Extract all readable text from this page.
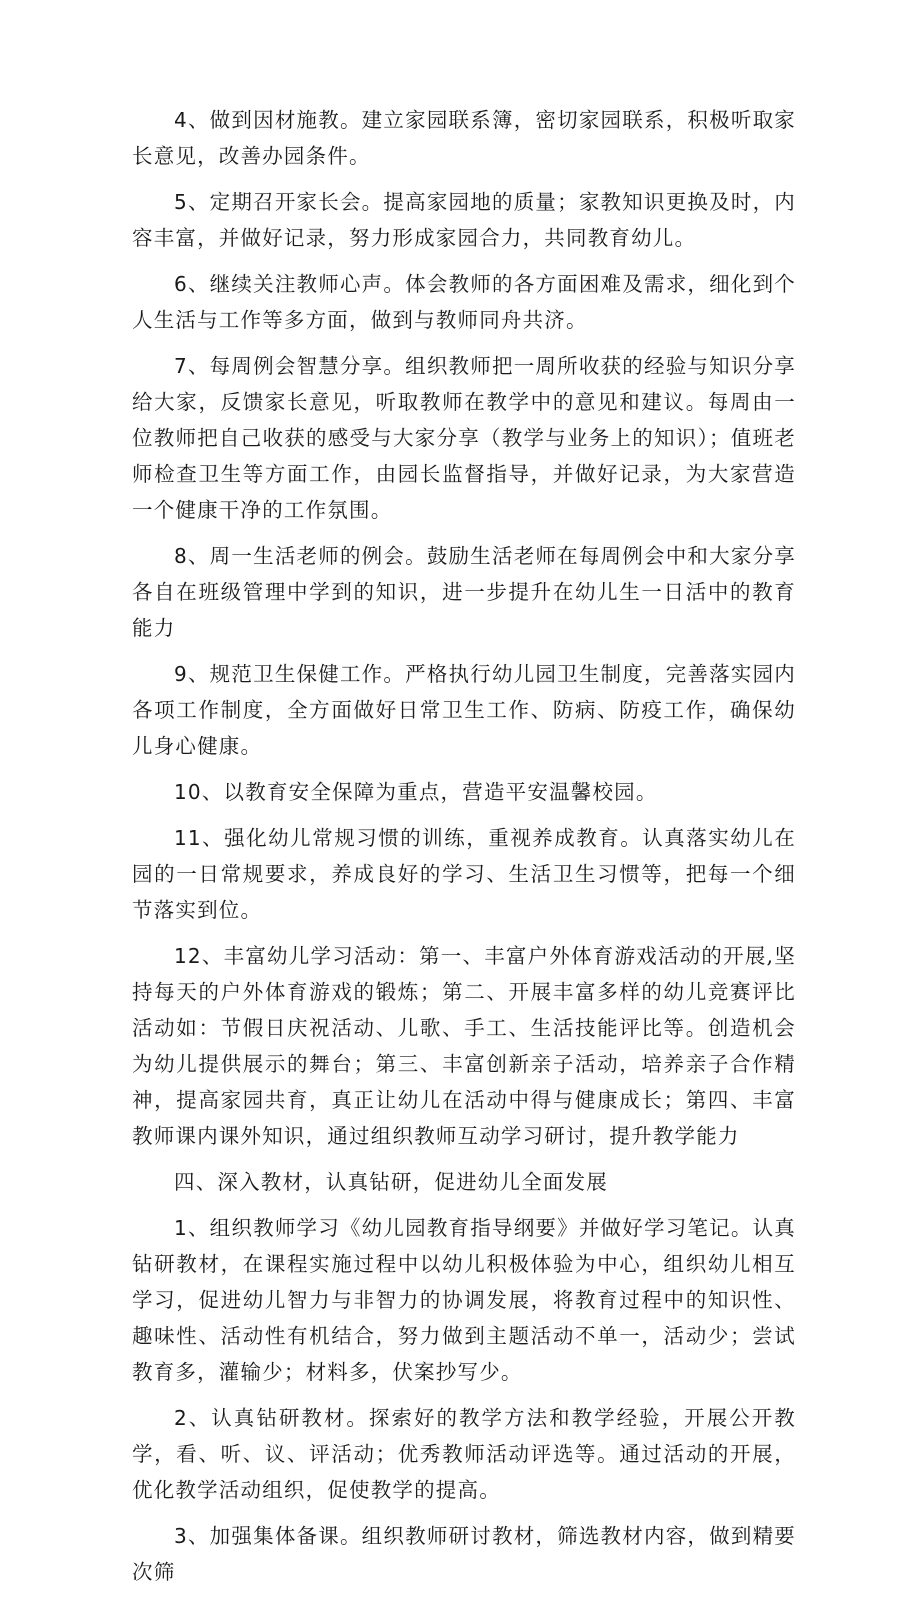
4、做到因材施教。建立家园联系簿，密切家园联系，积极听取家长意见，改善办园条件。

5、定期召开家长会。提高家园地的质量；家教知识更换及时，内容丰富，并做好记录，努力形成家园合力，共同教育幼儿。

6、继续关注教师心声。体会教师的各方面困难及需求，细化到个人生活与工作等多方面，做到与教师同舟共济。

7、每周例会智慧分享。组织教师把一周所收获的经验与知识分享给大家，反馈家长意见，听取教师在教学中的意见和建议。每周由一位教师把自己收获的感受与大家分享（教学与业务上的知识）；值班老师检查卫生等方面工作，由园长监督指导，并做好记录，为大家营造一个健康干净的工作氛围。

8、周一生活老师的例会。鼓励生活老师在每周例会中和大家分享各自在班级管理中学到的知识，进一步提升在幼儿生一日活中的教育能力

9、规范卫生保健工作。严格执行幼儿园卫生制度，完善落实园内各项工作制度，全方面做好日常卫生工作、防病、防疫工作，确保幼儿身心健康。

10、以教育安全保障为重点，营造平安温馨校园。

11、强化幼儿常规习惯的训练，重视养成教育。认真落实幼儿在园的一日常规要求，养成良好的学习、生活卫生习惯等，把每一个细节落实到位。

12、丰富幼儿学习活动：第一、丰富户外体育游戏活动的开展,坚持每天的户外体育游戏的锻炼；第二、开展丰富多样的幼儿竞赛评比活动如：节假日庆祝活动、儿歌、手工、生活技能评比等。创造机会为幼儿提供展示的舞台；第三、丰富创新亲子活动，培养亲子合作精神，提高家园共育，真正让幼儿在活动中得与健康成长；第四、丰富教师课内课外知识，通过组织教师互动学习研讨，提升教学能力

四、深入教材，认真钻研，促进幼儿全面发展

1、组织教师学习《幼儿园教育指导纲要》并做好学习笔记。认真钻研教材，在课程实施过程中以幼儿积极体验为中心，组织幼儿相互学习，促进幼儿智力与非智力的协调发展，将教育过程中的知识性、趣味性、活动性有机结合，努力做到主题活动不单一，活动少；尝试教育多，灌输少；材料多，伏案抄写少。

2、认真钻研教材。探索好的教学方法和教学经验，开展公开教学，看、听、议、评活动；优秀教师活动评选等。通过活动的开展，优化教学活动组织，促使教学的提高。

3、加强集体备课。组织教师研讨教材，筛选教材内容，做到精要次筛
